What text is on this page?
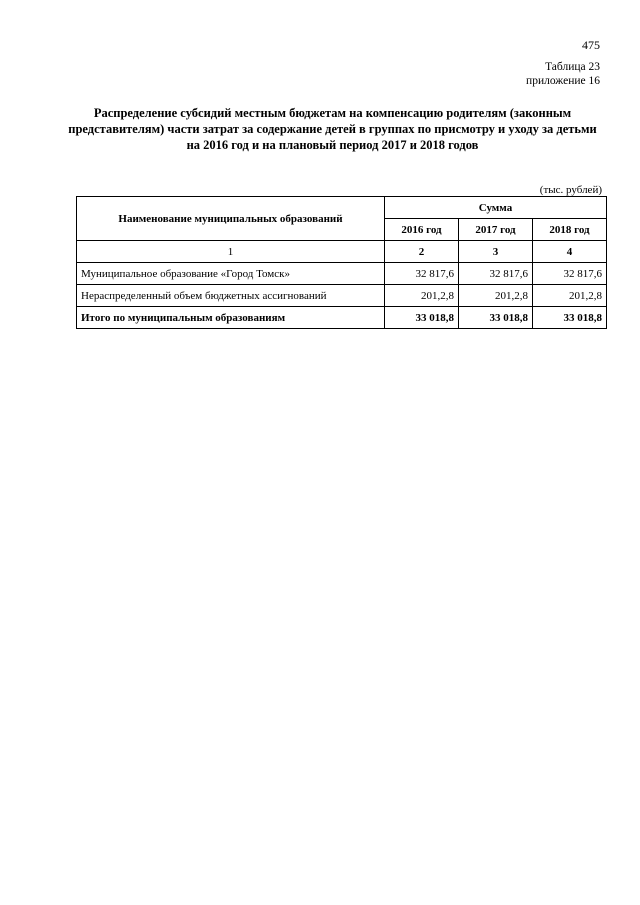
475
Таблица 23
приложение 16
Распределение субсидий местным бюджетам на компенсацию родителям (законным представителям) части затрат за содержание детей в группах по присмотру и уходу за детьми на 2016 год и на плановый период 2017 и 2018 годов
(тыс. рублей)
Наименование муниципальных образований	Сумма		
	2016 год	2017 год	2018 год
1	2	3	4
Муниципальное образование «Город Томск»	32 817,6	32 817,6	32 817,6
Нераспределенный объем бюджетных ассигнований	201,2,8	201,2,8	201,2,8
Итого по муниципальным образованиям	33 018,8	33 018,8	33 018,8
